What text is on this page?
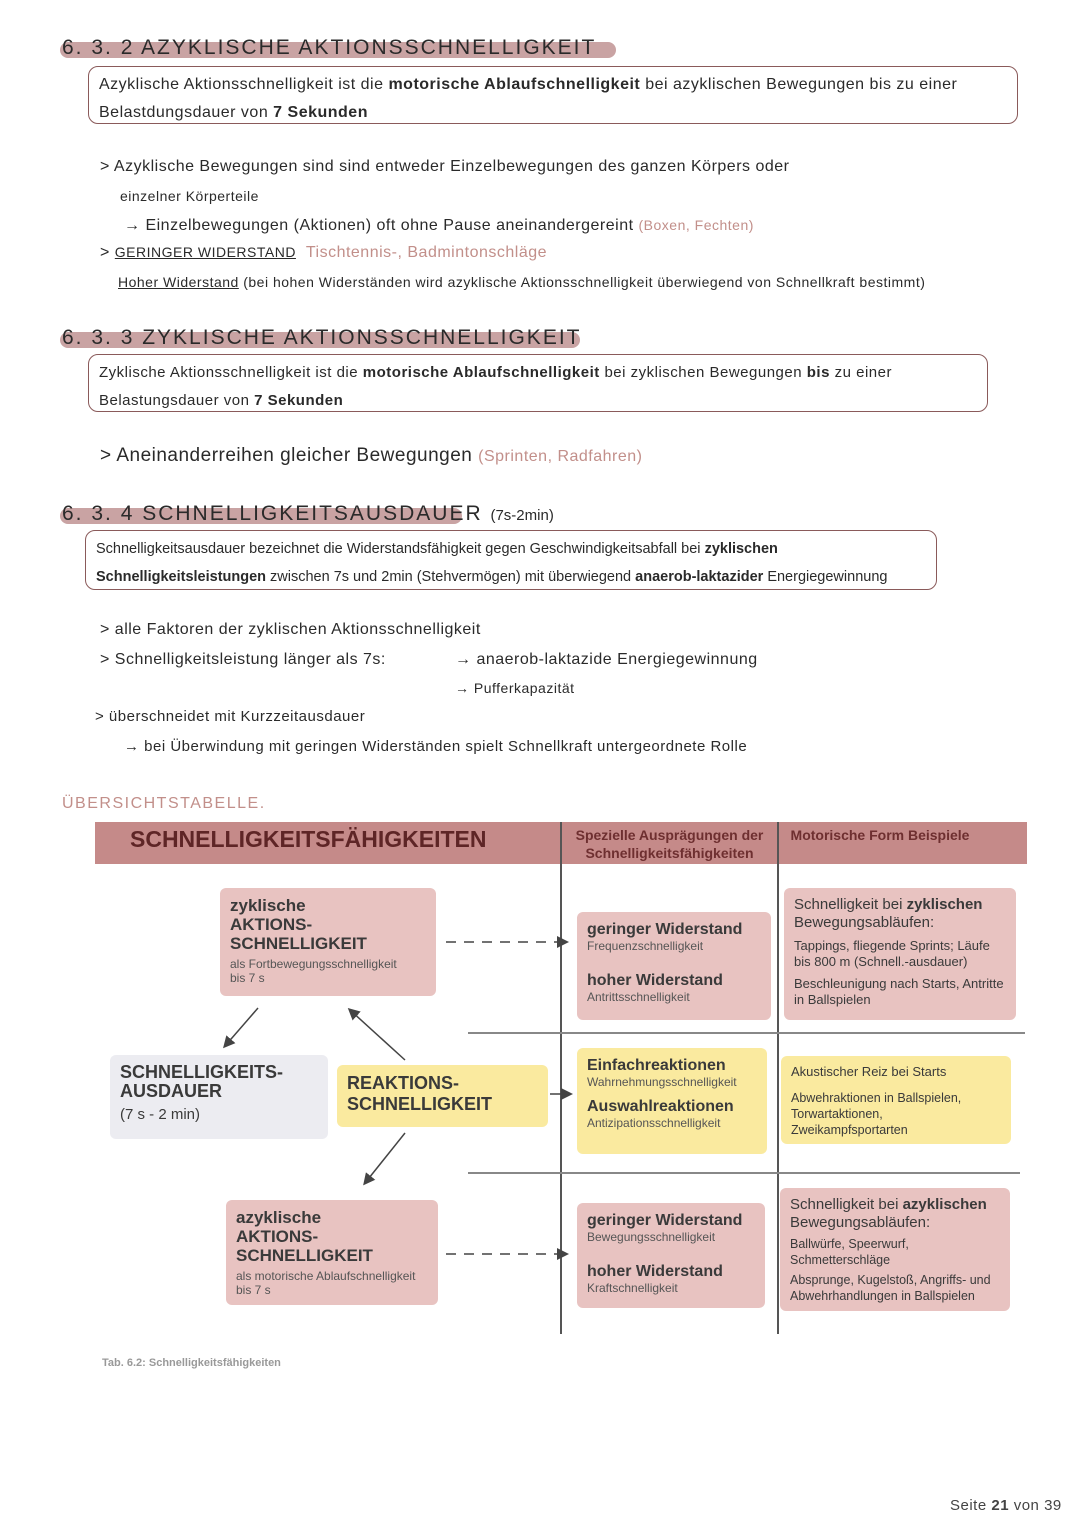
6. 3. 2 AZYKLISCHE AKTIONSSCHNELLIGKEIT
Azyklische Aktionsschnelligkeit ist die motorische Ablaufschnelligkeit bei azyklischen Bewegungen bis zu einer Belastdungsdauer von 7 Sekunden
> Azyklische Bewegungen sind sind entweder Einzelbewegungen des ganzen Körpers oder
einzelner Körperteile
→ Einzelbewegungen (Aktionen) oft ohne Pause aneinandergereint (Boxen, Fechten)
> GERINGER WIDERSTAND Tischtennis-, Badmintonschläge
Hoher Widerstand (bei hohen Widerständen wird azyklische Aktionsschnelligkeit überwiegend von Schnellkraft bestimmt)
6. 3. 3 ZYKLISCHE AKTIONSSCHNELLIGKEIT
Zyklische Aktionsschnelligkeit ist die motorische Ablaufschnelligkeit bei zyklischen Bewegungen bis zu einer Belastungsdauer von 7 Sekunden
> Aneinanderreihen gleicher Bewegungen (Sprinten, Radfahren)
6. 3. 4 SCHNELLIGKEITSAUSDAUER (7s-2min)
Schnelligkeitsausdauer bezeichnet die Widerstandsfähigkeit gegen Geschwindigkeitsabfall bei zyklischen Schnelligkeitsleistungen zwischen 7s und 2min (Stehvermögen) mit überwiegend anaerob-laktazider Energiegewinnung
> alle Faktoren der zyklischen Aktionsschnelligkeit
> Schnelligkeitsleistung länger als 7s:	→ anaerob-laktazide Energiegewinnung
→ Pufferkapazität
> überschneidet mit Kurzzeitausdauer
→ bei Überwindung mit geringen Widerständen spielt Schnellkraft untergeordnete Rolle
ÜBERSICHTSTABELLE.
SCHNELLIGKEITSFÄHIGKEITEN	Spezielle Ausprägungen der Schnelligkeitsfähigkeiten
Motorische Form Beispiele
zyklische
AKTIONS-
SCHNELLIGKEIT
als Fortbewegungsschnelligkeit
bis 7 s
SCHNELLIGKEITS-
AUSDAUER
(7 s - 2 min)
REAKTIONS-
SCHNELLIGKEIT
azyklische
AKTIONS-
SCHNELLIGKEIT
als motorische Ablaufschnelligkeit
bis 7 s
geringer Widerstand
Frequenzschnelligkeit
hoher Widerstand
Antrittsschnelligkeit
Schnelligkeit bei zyklischen
Bewegungsabläufen:
Tappings, fliegende Sprints; Läufe bis 800 m (Schnell.-ausdauer)
Beschleunigung nach Starts, Antritte in Ballspielen
Einfachreaktionen
Wahrnehmungsschnelligkeit
Auswahlreaktionen
Antizipationsschnelligkeit
Akustischer Reiz bei Starts
Abwehraktionen in Ballspielen, Torwartaktionen, Zweikampfsportarten
geringer Widerstand
Bewegungsschnelligkeit
hoher Widerstand
Kraftschnelligkeit
Schnelligkeit bei azyklischen
Bewegungsabläufen:
Ballwürfe, Speerwurf, Schmetterschläge
Absprunge, Kugelstoß, Angriffs- und Abwehrhandlungen in Ballspielen
Tab. 6.2: Schnelligkeitsfähigkeiten
Seite 21 von 39
